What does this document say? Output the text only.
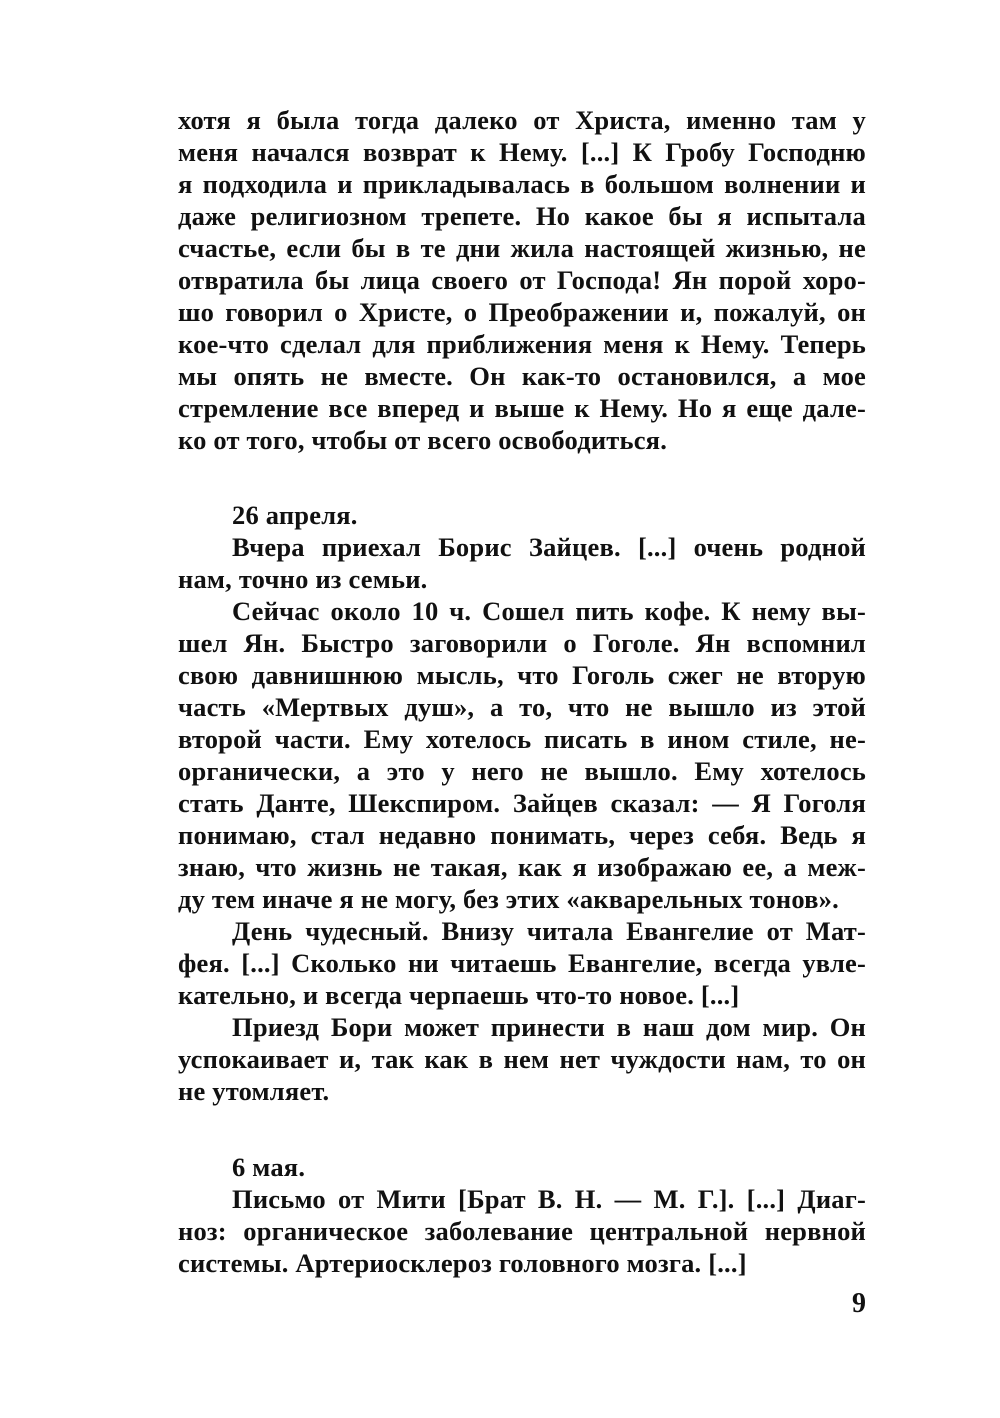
хотя я была тогда далеко от Христа, именно там у
меня начался возврат к Нему. [...] К Гробу Господню
я подходила и прикладывалась в большом волнении и
даже религиозном трепете. Но какое бы я испытала
счастье, если бы в те дни жила настоящей жизнью, не
отвратила бы лица своего от Господа! Ян порой хоро-
шо говорил о Христе, о Преображении и, пожалуй, он
кое-что сделал для приближения меня к Нему. Теперь
мы опять не вместе. Он как-то остановился, а мое
стремление все вперед и выше к Нему. Но я еще дале-
ко от того, чтобы от всего освободиться.
26 апреля.
Вчера приехал Борис Зайцев. [...] очень родной
нам, точно из семьи.
Сейчас около 10 ч. Сошел пить кофе. К нему вы-
шел Ян. Быстро заговорили о Гоголе. Ян вспомнил
свою давнишнюю мысль, что Гоголь сжег не вторую
часть «Мертвых душ», а то, что не вышло из этой
второй части. Ему хотелось писать в ином стиле, не-
органически, а это у него не вышло. Ему хотелось
стать Данте, Шекспиром. Зайцев сказал: — Я Гоголя
понимаю, стал недавно понимать, через себя. Ведь я
знаю, что жизнь не такая, как я изображаю ее, а меж-
ду тем иначе я не могу, без этих «акварельных тонов».
День чудесный. Внизу читала Евангелие от Мат-
фея. [...] Сколько ни читаешь Евангелие, всегда увле-
кательно, и всегда черпаешь что-то новое. [...]
Приезд Бори может принести в наш дом мир. Он
успокаивает и, так как в нем нет чуждости нам, то он
не утомляет.
6 мая.
Письмо от Мити [Брат В. Н. — М. Г.]. [...] Диаг-
ноз: органическое заболевание центральной нервной
системы. Артериосклероз головного мозга. [...]
9
